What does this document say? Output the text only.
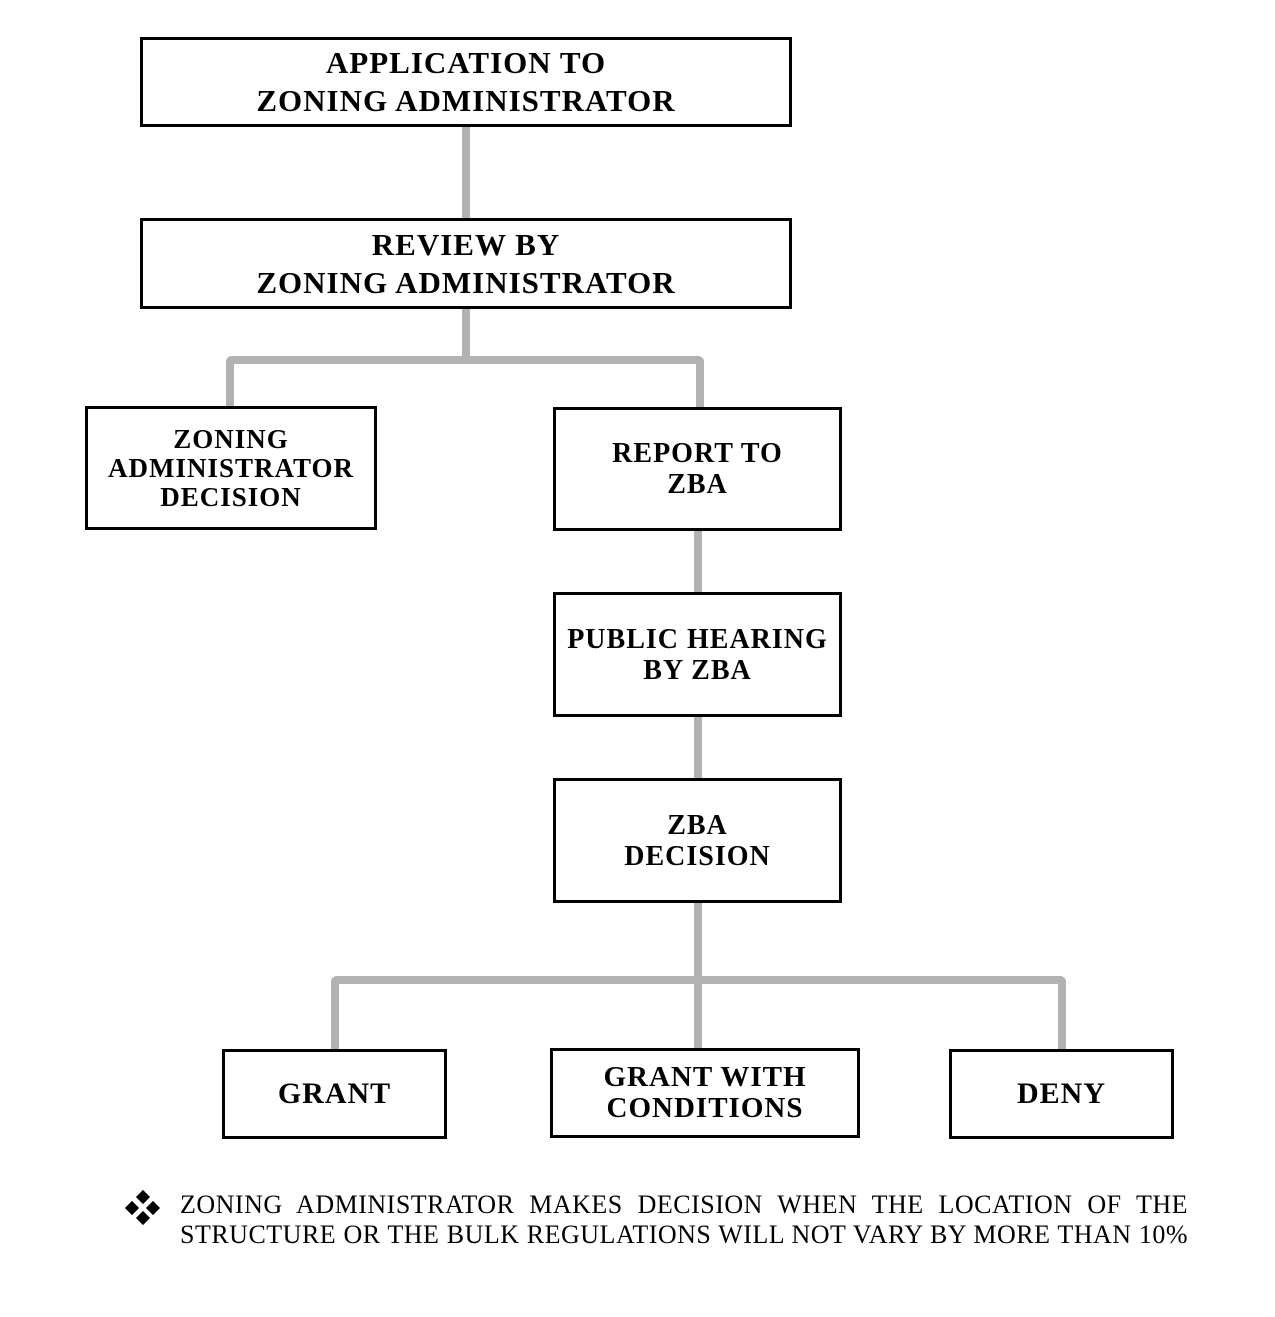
APPLICATION TO
ZONING ADMINISTRATOR
REVIEW BY
ZONING ADMINISTRATOR
ZONING
ADMINISTRATOR
DECISION
REPORT TO
ZBA
PUBLIC HEARING
BY ZBA
ZBA
DECISION
GRANT	GRANT WITH
CONDITIONS	DENY
ZONING ADMINISTRATOR MAKES DECISION WHEN THE LOCATION OF THE
STRUCTURE OR THE BULK REGULATIONS WILL NOT VARY BY MORE THAN 10%
